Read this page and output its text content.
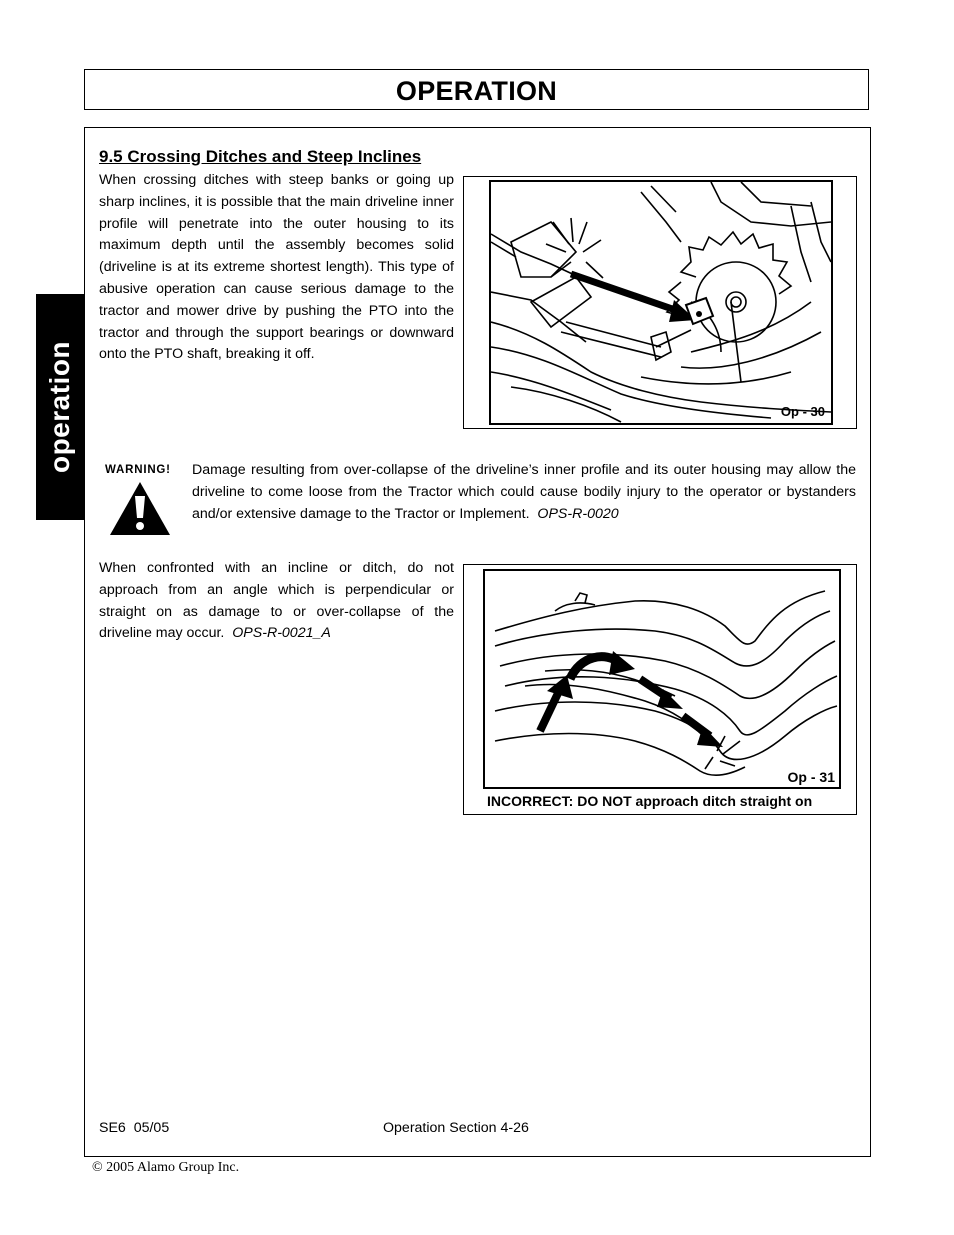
OPERATION
operation
9.5 Crossing Ditches and Steep Inclines

When crossing ditches with steep banks or going up sharp inclines, it is possible that the main driveline inner profile will penetrate into the outer housing to its maximum depth until the assembly becomes solid (driveline is at its extreme shortest length). This type of abusive operation can cause serious damage to the tractor and mower drive by pushing the PTO into the tractor and through the support bearings or downward onto the PTO shaft, breaking it off.

Op - 30
WARNING! Damage resulting from over-collapse of the driveline’s inner profile and its outer housing may allow the driveline to come loose from the Tractor which could cause bodily injury to the operator or bystanders and/or extensive damage to the Tractor or Implement. OPS-R-0020

When confronted with an incline or ditch, do not approach from an angle which is perpendicular or straight on as damage to or over-collapse of the driveline may occur. OPS-R-0021_A

Op - 31
INCORRECT: DO NOT approach ditch straight on
SE6  05/05	Operation Section 4-26
© 2005 Alamo Group Inc.
